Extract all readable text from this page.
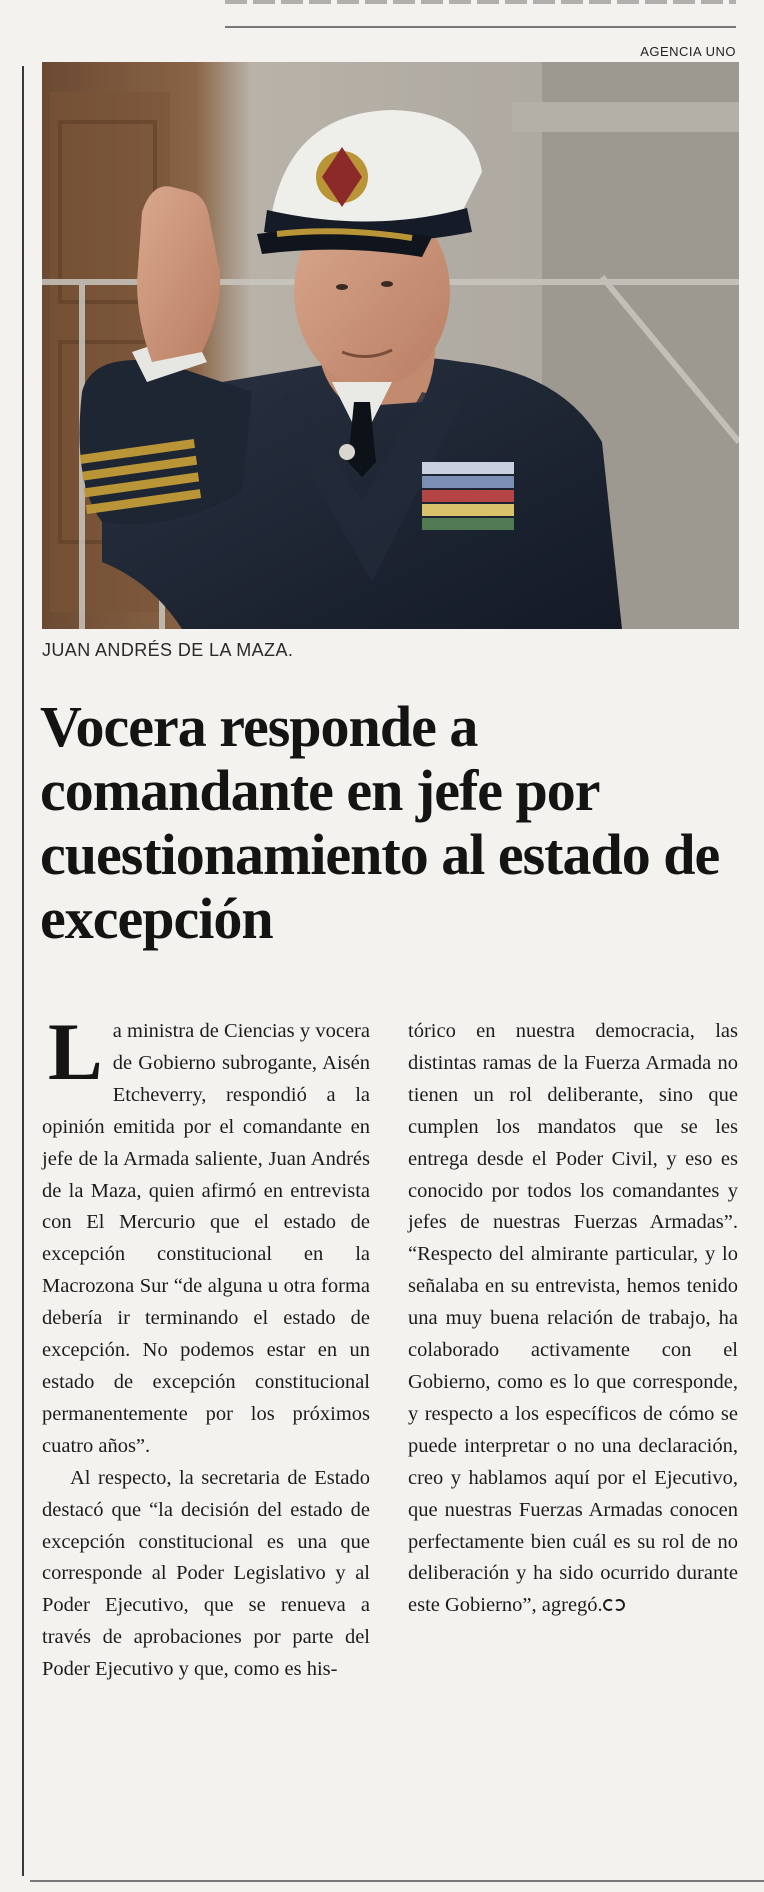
AGENCIA UNO
JUAN ANDRÉS DE LA MAZA.
Vocera responde a comandante en jefe por cuestionamiento al estado de excepción

La ministra de Ciencias y vocera de Gobierno subrogante, Aisén Etcheverry, respondió a la opinión emitida por el comandante en jefe de la Armada saliente, Juan Andrés de la Maza, quien afirmó en entrevista con El Mercurio que el estado de excepción constitucional en la Macrozona Sur “de alguna u otra forma debería ir terminando el estado de excepción. No podemos estar en un estado de excepción constitucional permanentemente por los próximos cuatro años”.

Al respecto, la secretaria de Estado destacó que “la decisión del estado de excepción constitucional es una que corresponde al Poder Legislativo y al Poder Ejecutivo, que se renueva a través de aprobaciones por parte del Poder Ejecutivo y que, como es his-

tórico en nuestra democracia, las distintas ramas de la Fuerza Armada no tienen un rol deliberante, sino que cumplen los mandatos que se les entrega desde el Poder Civil, y eso es conocido por todos los comandantes y jefes de nuestras Fuerzas Armadas”. “Respecto del almirante particular, y lo señalaba en su entrevista, hemos tenido una muy buena relación de trabajo, ha colaborado activamente con el Gobierno, como es lo que corresponde, y respecto a los específicos de cómo se puede interpretar o no una declaración, creo y hablamos aquí por el Ejecutivo, que nuestras Fuerzas Armadas conocen perfectamente bien cuál es su rol de no deliberación y ha sido ocurrido durante este Gobierno”, agregó.
